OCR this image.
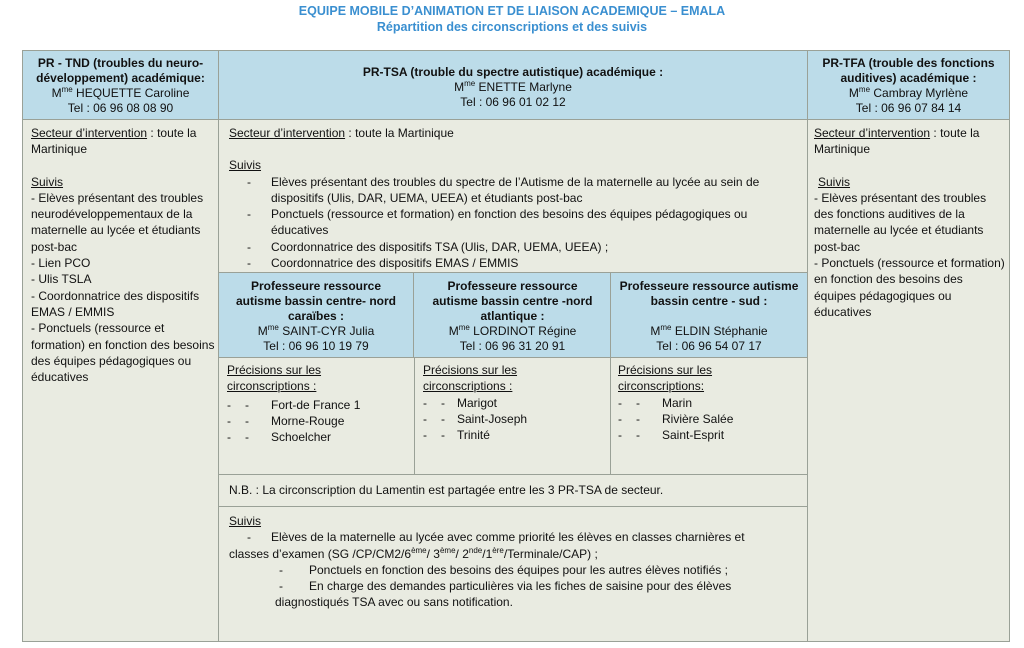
EQUIPE MOBILE D’ANIMATION ET DE LIAISON ACADEMIQUE – EMALA
Répartition des circonscriptions et des suivis
PR - TND (troubles du neuro-
développement) académique:
$M^{me}$ HEQUETTE Caroline
Tel : 06 96 08 08 90
Secteur d’intervention : toute la Martinique
Suivis
- Elèves présentant des troubles neurodéveloppementaux de la maternelle au lycée et étudiants post-bac
- Lien PCO
- Ulis TSLA
- Coordonnatrice des dispositifs EMAS / EMMIS
- Ponctuels (ressource et formation) en fonction des besoins des équipes pédagogiques ou éducatives
PR-TSA (trouble du spectre autistique) académique :
$M^{me}$ ENETTE Marlyne
Tel : 06 96 01 02 12
Secteur d’intervention : toute la Martinique
Suivis
- Elèves présentant des troubles du spectre de l’Autisme de la maternelle au lycée au sein de dispositifs (Ulis, DAR, UEMA, UEEA) et étudiants post-bac
- Ponctuels (ressource et formation) en fonction des besoins des équipes pédagogiques ou éducatives
- Coordonnatrice des dispositifs TSA (Ulis, DAR, UEMA, UEEA) ;
- Coordonnatrice des dispositifs EMAS / EMMIS
Professeure ressource
autisme bassin centre- nord
caraïbes :
$M^{me}$ SAINT-CYR Julia
Tel : 06 96 10 19 79
Professeure ressource
autisme bassin centre -nord
atlantique :
$M^{me}$ LORDINOT Régine
Tel : 06 96 31 20 91
Professeure ressource autisme
bassin centre - sud :
$M^{me}$ ELDIN Stéphanie
Tel : 06 96 54 07 17
Précisions sur les
circonscriptions :
- -	Fort-de France 1
- -	Morne-Rouge
- -	Schoelcher
Précisions sur les
circonscriptions :
- -	Marigot
- -	Saint-Joseph
- -	Trinité
Précisions sur les
circonscriptions:
- -	Marin
- -	Rivière Salée
- -	Saint-Esprit
N.B. : La circonscription du Lamentin est partagée entre les 3 PR-TSA de secteur.
Suivis
- Elèves de la maternelle au lycée avec comme priorité les élèves en classes charnières et
classes d’examen (SG /CP/CM2/6ème/ 3ème/ 2nde/1ère/Terminale/CAP) ;
- Ponctuels en fonction des besoins des équipes pour les autres élèves notifiés ;
- En charge des demandes particulières via les fiches de saisine pour des élèves
diagnostiqués TSA avec ou sans notification.
PR-TFA (trouble des fonctions
auditives) académique :
$M^{me}$ Cambray Myrlène
Tel : 06 96 07 84 14
Secteur d’intervention : toute la Martinique
Suivis
- Elèves présentant des troubles des fonctions auditives de la maternelle au lycée et étudiants post-bac
- Ponctuels (ressource et formation) en fonction des besoins des équipes pédagogiques ou éducatives
